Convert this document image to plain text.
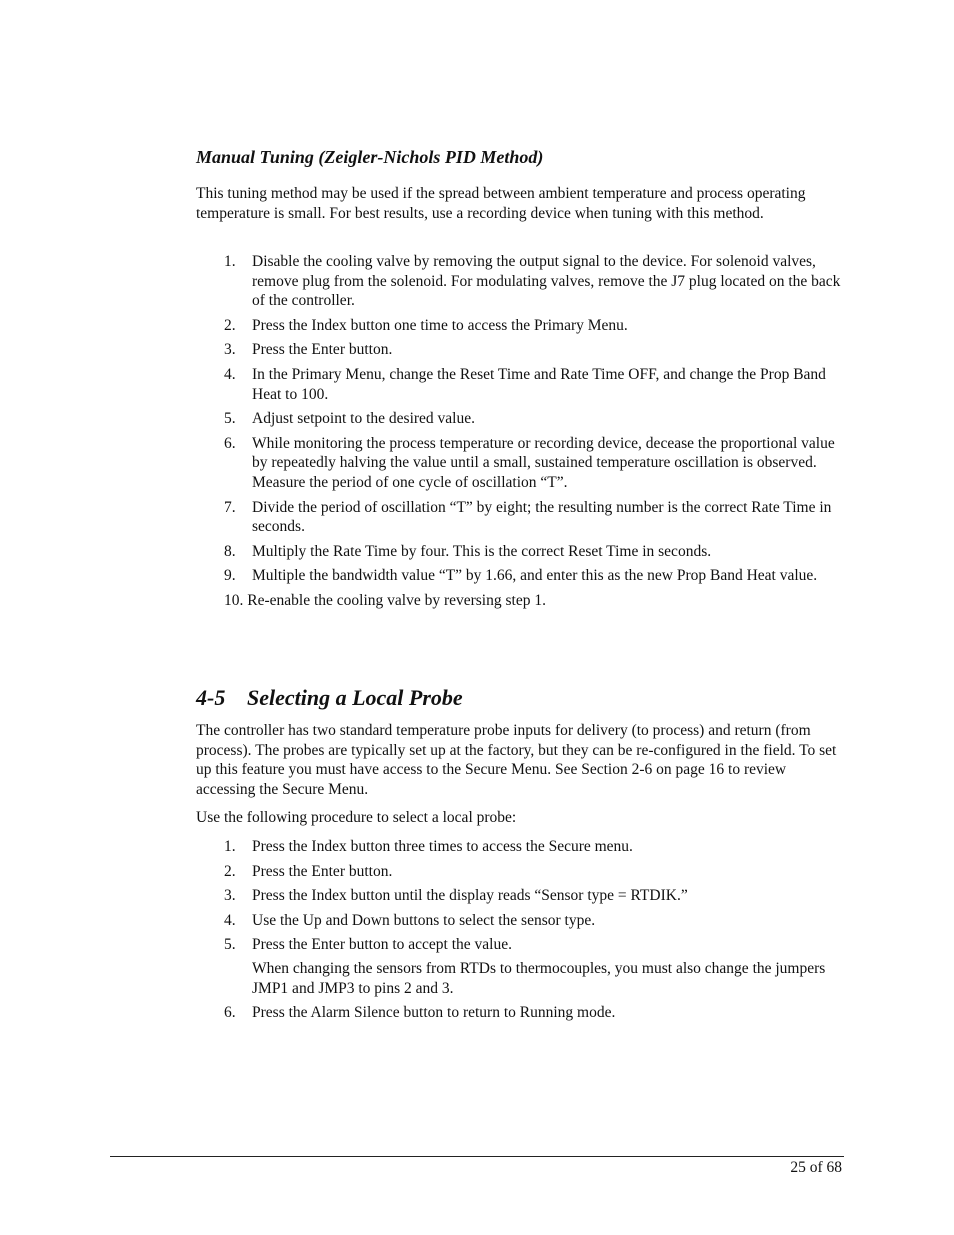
Manual Tuning (Zeigler-Nichols PID Method)
This tuning method may be used if the spread between ambient temperature and process operating temperature is small. For best results, use a recording device when tuning with this method.
1. Disable the cooling valve by removing the output signal to the device. For solenoid valves, remove plug from the solenoid. For modulating valves, remove the J7 plug located on the back of the controller.
2. Press the Index button one time to access the Primary Menu.
3. Press the Enter button.
4. In the Primary Menu, change the Reset Time and Rate Time OFF, and change the Prop Band Heat to 100.
5. Adjust setpoint to the desired value.
6. While monitoring the process temperature or recording device, decease the proportional value by repeatedly halving the value until a small, sustained temperature oscillation is observed. Measure the period of one cycle of oscillation “T”.
7. Divide the period of oscillation “T” by eight; the resulting number is the correct Rate Time in seconds.
8. Multiply the Rate Time by four. This is the correct Reset Time in seconds.
9. Multiple the bandwidth value “T” by 1.66, and enter this as the new Prop Band Heat value.
10. Re-enable the cooling valve by reversing step 1.
4-5 Selecting a Local Probe
The controller has two standard temperature probe inputs for delivery (to process) and return (from process). The probes are typically set up at the factory, but they can be re-configured in the field. To set up this feature you must have access to the Secure Menu. See Section 2-6 on page 16 to review accessing the Secure Menu.
Use the following procedure to select a local probe:
1. Press the Index button three times to access the Secure menu.
2. Press the Enter button.
3. Press the Index button until the display reads “Sensor type = RTDIK.”
4. Use the Up and Down buttons to select the sensor type.
5. Press the Enter button to accept the value.
When changing the sensors from RTDs to thermocouples, you must also change the jumpers JMP1 and JMP3 to pins 2 and 3.
6. Press the Alarm Silence button to return to Running mode.
25 of 68
